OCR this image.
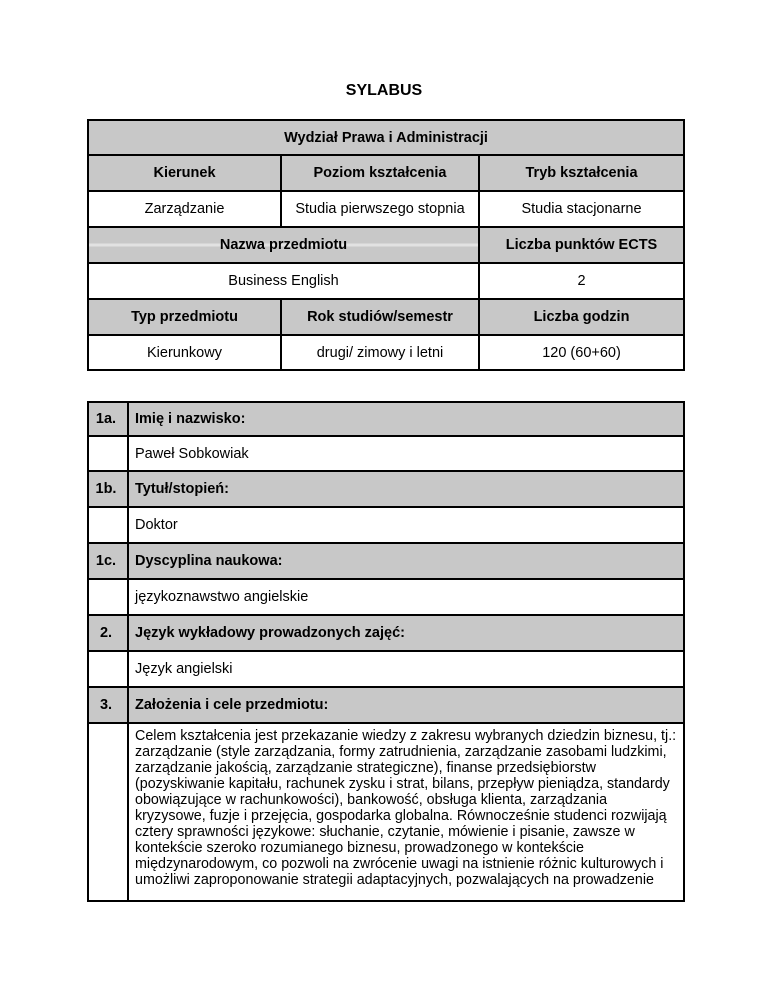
SYLABUS
Wydział Prawa i Administracji		
Kierunek	Poziom kształcenia	Tryb kształcenia
Zarządzanie	Studia pierwszego stopnia	Studia stacjonarne
Nazwa przedmiotu		Liczba punktów ECTS
Business English		2
Typ przedmiotu	Rok studiów/semestr	Liczba godzin
Kierunkowy	drugi/ zimowy i letni	120 (60+60)
1a.	Imię i nazwisko:
	Paweł Sobkowiak
1b.	Tytuł/stopień:
	Doktor
1c.	Dyscyplina naukowa:
	językoznawstwo angielskie
2.	Język wykładowy prowadzonych zajęć:
	Język angielski
3.	Założenia i cele przedmiotu:
	Celem kształcenia jest przekazanie wiedzy z zakresu wybranych dziedzin biznesu, tj.: zarządzanie (style zarządzania, formy zatrudnienia, zarządzanie zasobami ludzkimi, zarządzanie jakością, zarządzanie strategiczne), finanse przedsiębiorstw (pozyskiwanie kapitału, rachunek zysku i strat, bilans, przepływ pieniądza, standardy obowiązujące w rachunkowości), bankowość, obsługa klienta, zarządzania kryzysowe, fuzje i przejęcia, gospodarka globalna. Równocześnie studenci rozwijają cztery sprawności językowe: słuchanie, czytanie, mówienie i pisanie, zawsze w kontekście szeroko rozumianego biznesu, prowadzonego w kontekście międzynarodowym, co pozwoli na zwrócenie uwagi na istnienie różnic kulturowych i umożliwi zaproponowanie strategii adaptacyjnych, pozwalających na prowadzenie
